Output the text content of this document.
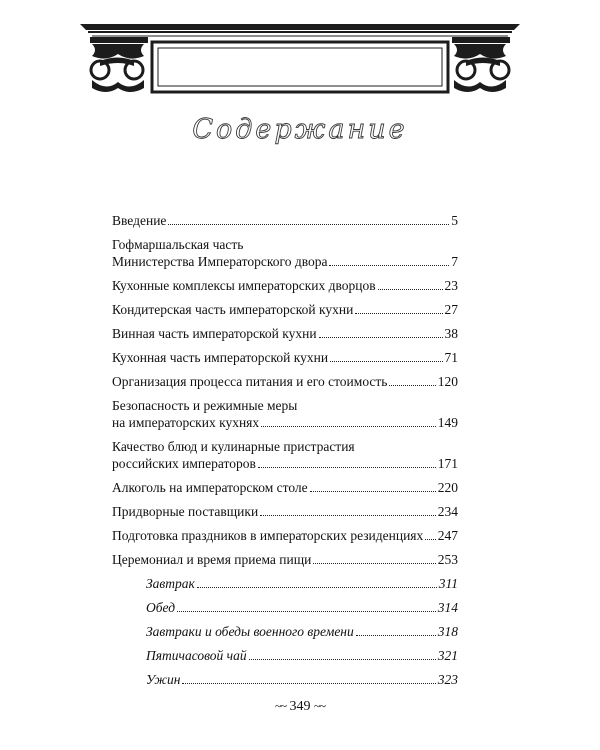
Содержание
Введение	5
Гофмаршальская часть
Министерства Императорского двора	7
Кухонные комплексы императорских дворцов	23
Кондитерская часть императорской кухни	27
Винная часть императорской кухни	38
Кухонная часть императорской кухни	71
Организация процесса питания и его стоимость	120
Безопасность и режимные меры
на императорских кухнях	149
Качество блюд и кулинарные пристрастия
российских императоров	171
Алкоголь на императорском столе	220
Придворные поставщики	234
Подготовка праздников в императорских резиденциях 247
Церемониал и время приема пищи	253
Завтрак	311
Обед	314
Завтраки и обеды военного времени	318
Пятичасовой чай	321
Ужин	323
~~ 349 ~~
